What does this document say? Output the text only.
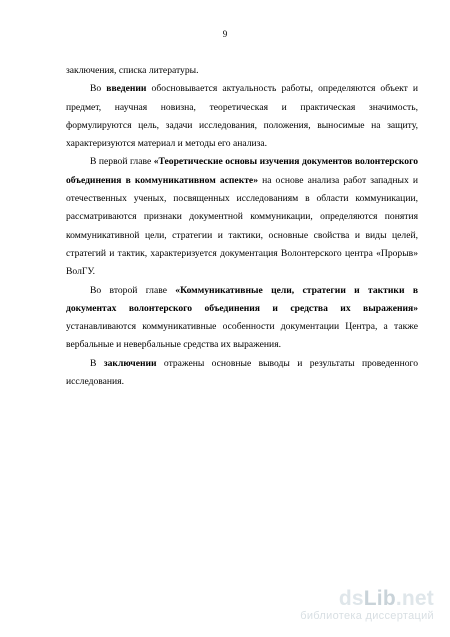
9

заключения, списка литературы.

Во введении обосновывается актуальность работы, определяются объект и предмет, научная новизна, теоретическая и практическая значимость, формулируются цель, задачи исследования, положения, выносимые на защиту, характеризуются материал и методы его анализа.

В первой главе «Теоретические основы изучения документов волонтерского объединения в коммуникативном аспекте» на основе анализа работ западных и отечественных ученых, посвященных исследованиям в области коммуникации, рассматриваются признаки документной коммуникации, определяются понятия коммуникативной цели, стратегии и тактики, основные свойства и виды целей, стратегий и тактик, характеризуется документация Волонтерского центра «Прорыв» ВолГУ.

Во второй главе «Коммуникативные цели, стратегии и тактики в документах волонтерского объединения и средства их выражения» устанавливаются коммуникативные особенности документации Центра, а также вербальные и невербальные средства их выражения.

В заключении отражены основные выводы и результаты проведенного исследования.

dsLib.net
библиотека диссертаций
